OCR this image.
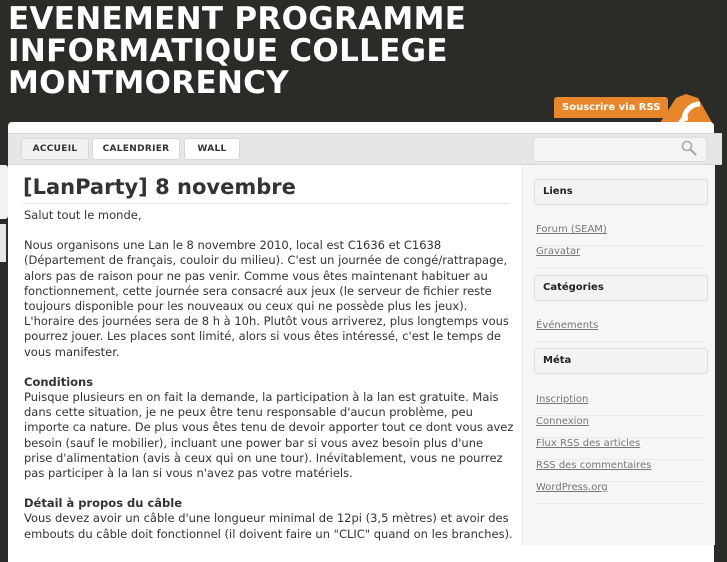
EVENEMENT PROGRAMME
INFORMATIQUE COLLEGE
MONTMORENCY
Souscrire via RSS
ACCUEIL	CALENDRIER	WALL
[LanParty] 8 novembre

Salut tout le monde,

Nous organisons une Lan le 8 novembre 2010, local est C1636 et C1638 (Département de français, couloir du milieu). C'est un journée de congé/rattrapage, alors pas de raison pour ne pas venir. Comme vous êtes maintenant habituer au fonctionnement, cette journée sera consacré aux jeux (le serveur de fichier reste toujours disponible pour les nouveaux ou ceux qui ne possède plus les jeux). L'horaire des journées sera de 8 h à 10h. Plutôt vous arriverez, plus longtemps vous pourrez jouer. Les places sont limité, alors si vous êtes intéressé, c'est le temps de vous manifester.

Conditions

Puisque plusieurs en on fait la demande, la participation à la lan est gratuite. Mais dans cette situation, je ne peux être tenu responsable d'aucun problème, peu importe ca nature. De plus vous êtes tenu de devoir apporter tout ce dont vous avez besoin (sauf le mobilier), incluant une power bar si vous avez besoin plus d'une prise d'alimentation (avis à ceux qui on une tour). Inévitablement, vous ne pourrez pas participer à la lan si vous n'avez pas votre matériels.

Détail à propos du câble

Vous devez avoir un câble d'une longueur minimal de 12pi (3,5 mètres) et avoir des embouts du câble doit fonctionnel (il doivent faire un "CLIC" quand on les branches).

Liens
Forum (SEAM)
Gravatar
Catégories
Événements
Méta
Inscription
Connexion
Flux RSS des articles
RSS des commentaires
WordPress.org
